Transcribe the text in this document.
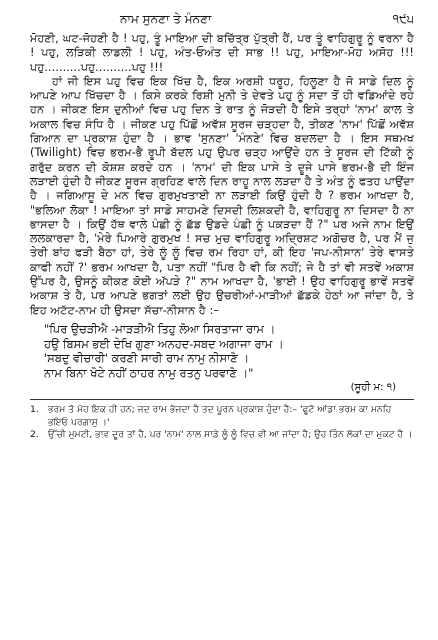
ਨਾਮ ਸੁਨਣਾ ਤੇ ਮੰਨਣਾ	੧੯੫

ਮੋਹਣੀ, ਘਟ-ਜੋਹਣੀ ਹੈ ! ਪਹੁ, ਤੂੰ ਮਾਇਆ ਦੀ ਬਚਿੱਤ੍ਰ ਪੁੱਤ੍ਰੀ ਹੈਂ, ਪਰ ਤੂੰ ਵਾਹਿਗੁਰੂ ਨੂੰ ਵਰਨਾ ਹੈ ! ਪਹੁ, ਲੜਿਕੀ ਲਾਡਲੀ ! ਪਹੁ, ਅੰਤ-ਓਅੰਤ ਦੀ ਸਾਭ !! ਪਹੁ, ਮਾਇਆ-ਮੋਹ ਅਸੋਹ !!! ਪਹੁ..........ਪਹੁ..........ਪਹੁ !!!

ਹਾਂ ਜੀ ਇਸ ਪਹੁ ਵਿਚ ਇਕ ਖਿੱਚ ਹੈ, ਇਕ ਅਰਸ਼ੀ ਧਰੂਹ, ਹਿਲੂਣਾ ਹੈ ਜੋ ਸਾਡੇ ਦਿਲ ਨੂੰ ਆਪਣੇ ਆਪ ਖਿੱਚਦਾ ਹੈ । ਕਿਸੇ ਕਰਕੇ ਰਿਸ਼ੀ ਮੁਨੀ ਤੇ ਦੇਵਤੇ ਪਹੁ ਨੂੰ ਸਦਾ ਤੋਂ ਹੀ ਵਡਿਆਂਦੇ ਰਹੇ ਹਨ । ਜੀਕਣ ਇਸ ਦੁਨੀਆਂ ਵਿਚ ਪਹੁ ਦਿਨ ਤੇ ਰਾਤ ਨੂੰ ਜੋੜਦੀ ਹੈ ਇਸੇ ਤਰ੍ਹਾਂ 'ਨਾਮ' ਕਾਲ ਤੇ ਅਕਾਲ ਵਿਚ ਸੰਧਿ ਹੈ । ਜੀਕਣ ਪਹੁ ਪਿੱਛੋਂ ਅਵੱਸ਼ ਸੂਰਜ ਚੜ੍ਹਦਾ ਹੈ, ਤੀਕਣ 'ਨਾਮ' ਪਿੱਛੋਂ ਅਵੱਸ਼ ਗਿਆਨ ਦਾ ਪ੍ਰਕਾਸ਼ ਹੁੰਦਾ ਹੈ । ਭਾਵ 'ਸੁਨਣਾ' 'ਮੰਨਣੇ' ਵਿਚ ਬਦਲਦਾ ਹੈ । ਇਸ ਸਥਮਖ (Twilight) ਵਿਚ ਭਰਮ-ਭੈ ਰੂਪੀ ਬੱਦਲ ਪਹੁ ਉਪਰ ਚੜ੍ਹ ਆਉਂਦੇ ਹਨ ਤੇ ਸੂਰਜ ਦੀ ਟਿੱਕੀ ਨੂੰ ਗਰੁੱਦ ਕਰਨ ਦੀ ਕੋਸ਼ਸ਼ ਕਰਦੇ ਹਨ । 'ਨਾਮ' ਦੀ ਇਕ ਪਾਸੇ ਤੇ ਦੂਜੇ ਪਾਸੇ ਭਰਮ-ਭੈ ਦੀ ਇੰਜ ਲੜਾਈ ਹੁੰਦੀ ਹੈ ਜੀਕਣ ਸੂਰਜ ਗ੍ਰਹਿਣ ਵਾਲੇ ਦਿਨ ਰਾਹੂ ਨਾਲ ਲੜਦਾ ਹੈ ਤੇ ਅੰਤ ਨੂੰ ਫਤਹ ਪਾਉਂਦਾ ਹੈ । ਜਗਿਆਸੂ ਦੇ ਮਨ ਵਿਚ ਗੁਰਮੁਖਤਾਈ ਨਾ ਲੜਾਈ ਕਿਉਂ ਹੁੰਦੀ ਹੈ ? ਭਰਮ ਆਖਦਾ ਹੈ, "ਭਲਿਆ ਲੋਕਾ ! ਮਾਇਆ ਤਾਂ ਸਾਡੇ ਸਾਹਮਣੇ ਦਿਸਦੀ ਲਿਸ਼ਕਦੀ ਹੈ, ਵਾਹਿਗੁਰੂ ਨਾ ਦਿਸਦਾ ਹੈ ਨਾ ਭਾਸਦਾ ਹੈ । ਕਿਉਂ ਹੱਥ ਵਾਲੇ ਪੰਛੀ ਨੂੰ ਛੱਡ ਉਡਦੇ ਪੰਛੀ ਨੂੰ ਪਕੜਦਾ ਹੈਂ ?" ਪਰ ਅਜੇ ਨਾਮ ਇਉਂ ਲਲਕਾਰਦਾ ਹੈ, 'ਮੇਰੇ ਪਿਆਰੇ ਗੁਰਮੁਖ ! ਸਚ ਮੁਚ ਵਾਹਿਗੁਰੂ ਅਦ੍ਰਿਸ਼ਟ ਅਗੋਚਰ ਹੈ, ਪਰ ਮੈਂ ਜੁ ਤੇਰੀ ਬਾਂਹ ਫੜੀ ਬੈਠਾ ਹਾਂ, ਤੇਰੇ ਲੂੰ ਲੂੰ ਵਿਚ ਰਮ ਰਿਹਾ ਹਾਂ, ਕੀ ਇਹ 'ਜਪ-ਨੀਸਾਨ' ਤੇਰੇ ਵਾਸਤੇ ਕਾਫੀ ਨਹੀਂ ?' ਭਰਮ ਆਖਦਾ ਹੈ, ਪਤਾ ਨਹੀਂ "ਪਿਰ ਹੈ ਵੀ ਕਿ ਨਹੀਂ; ਜੇ ਹੈ ਤਾਂ ਵੀ ਸਤਵੇਂ ਅਕਾਸ਼ ਉੱਪਰ ਹੈ, ਉਸਨੂੰ ਕੀਕਣ ਕੋਈ ਅੱਪੜੇ ?" ਨਾਮ ਆਖਦਾ ਹੈ, 'ਭਾਈ ! ਉਹ ਵਾਹਿਗੁਰੂ ਭਾਵੇਂ ਸਤਵੇਂ ਅਕਾਸ਼ ਤੇ ਹੈ, ਪਰ ਆਪਣੇ ਭਗਤਾਂ ਲਈ ਉਹ ਉਚਰੀਆਂ-ਮਾੜੀਆਂ ਛੱਡਕੇ ਹੇਠਾਂ ਆ ਜਾਂਦਾ ਹੈ, ਤੇ ਇਹ ਅਟੱਟ-ਨਾਮ ਹੀ ਉਸਦਾ ਸੱਚਾ-ਨੀਸਾਨ ਹੈ :–

"ਪਿਰ ਉਚੜੀਐ -ਮਾੜੜੀਐ ਤਿਹੁ ਲੋਆ ਸਿਰਤਾਜਾ ਰਾਮ ।
ਹਉ ਬਿਸਮ ਭਈ ਦੇਖਿ ਗੁਣਾ ਅਨਹਦ-ਸਬਦ ਅਗਾਜਾ ਰਾਮ ।
'ਸਬਦੁ ਵੀਚਾਰੀ' ਕਰਣੀ ਸਾਰੀ ਰਾਮ ਨਾਮੁ ਨੀਸਾਣੋ ।
ਨਾਮ ਬਿਨਾ ਖੋਟੇ ਨਹੀਂ ਠਾਹਰ ਨਾਮੁ ਰਤਨੁ ਪਰਵਾਣੋ ।"
(ਸੂਹੀ ਮ: ੧)
1.	ਭਰਮ ਤੋ ਮੋਹ ਇਕ ਹੀ ਹਨ; ਜਦ ਰਾਮ ਭੱਜਦਾ ਹੈ ਤਦ ਪੂਰਨ ਪ੍ਰਕਾਸ਼ ਹੁੰਦਾ ਹੈ:– 'ਫੂਟੋ ਆਂਡਾ ਭਰਮ ਕਾ ਮਨਹਿ ਭਇਓ ਪਰਗਾਸੁ ।'
2.	ਉੱਚੀ ਮੁਮਟੀ, ਭਾਵ ਦੂਰ ਤਾਂ ਹੈ, ਪਰ 'ਨਾਮ' ਨਾਲ ਸਾਡੇ ਲੂੰ ਲੂੰ ਵਿਚ ਵੀ ਆ ਜਾਂਦਾ ਹੈ; ਉਹ ਤਿੰਨ ਲੋਕਾਂ ਦਾ ਮੁਕਟ ਹੈ ।
